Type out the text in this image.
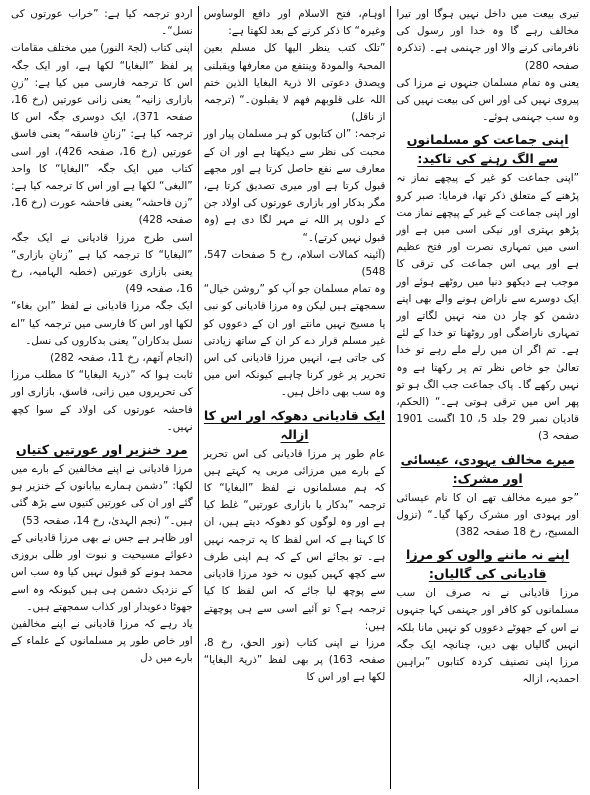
تیری بیعت میں داخل نہیں ہوگا اور تیرا مخالف رہے گا وہ خدا اور رسول کی نافرمانی کرنے والا اور جہنمی ہے۔ (تذکرہ صفحہ 280)

یعنی وہ تمام مسلمان جنہوں نے مرزا کی پیروی نہیں کی اور اس کی بیعت نہیں کی وہ سب جہنمی ہوئے۔

اپنی جماعت کو مسلمانوں سے الگ رہنے کی تاکید:

”اپنی جماعت کو غیر کے پیچھے نماز نہ پڑھنے کے متعلق ذکر تھا، فرمایا: صبر کرو اور اپنی جماعت کے غیر کے پیچھے نماز مت پڑھو بہتری اور نیکی اسی میں ہے اور اسی میں تمہاری نصرت اور فتح عظیم ہے اور یہی اس جماعت کی ترقی کا موجب ہے دیکھو دنیا میں روٹھے ہوئے اور ایک دوسرے سے ناراض ہونے والے بھی اپنے دشمن کو چار دن منہ نہیں لگاتے اور تمہاری ناراضگی اور روٹھنا تو خدا کے لئے ہے۔ تم اگر ان میں رلے ملے رہے تو خدا تعالیٰ جو خاص نظر تم پر رکھتا ہے وہ نہیں رکھے گا۔ پاک جماعت جب الگ ہو تو پھر اس میں ترقی ہوتی ہے۔“ (الحکم، قادیان نمبر 29 جلد 5، 10 اگست 1901 صفحہ 3)

میرے مخالف یہودی، عیسائی اور مشرک:

”جو میرے مخالف تھے ان کا نام عیسائی اور یہودی اور مشرک رکھا گیا۔“ (نزول المسیح، رخ 18 صفحہ 382)

اپنے نہ ماننے والوں کو مرزا قادیانی کی گالیاں:

مرزا قادیانی نے نہ صرف ان سب مسلمانوں کو کافر اور جہنمی کہا جنہوں نے اس کے جھوٹے دعووں کو نہیں مانا بلکہ انہیں گالیاں بھی دیں، چنانچہ ایک جگہ مرزا اپنی تصنیف کردہ کتابوں ”براہین احمدیہ، ازالہ

اوہام، فتح الاسلام اور دافع الوساوس وغیرہ“ کا ذکر کرنے کے بعد لکھتا ہے:

”تلک کتب ینظر الیھا کل مسلم بعین المحبۃ والمودۃ وینتفع من معارفھا ویقبلنی ویصدق دعوتی الا ذریۃ البغایا الذین ختم اللہ علی قلوبھم فھم لا یقبلون۔“ (ترجمہ از ناقل)

ترجمہ: ”ان کتابوں کو ہر مسلمان پیار اور محبت کی نظر سے دیکھتا ہے اور ان کے معارف سے نفع حاصل کرتا ہے اور مجھے قبول کرتا ہے اور میری تصدیق کرتا ہے، مگر بدکار اور بازاری عورتوں کی اولاد جن کے دلوں پر اللہ نے مہر لگا دی ہے (وہ قبول نہیں کرتے)۔“

(آئینہ کمالات اسلام، رخ 5 صفحات 547، 548)

وہ تمام مسلمان جو آپ کو ”روشن خیال“ سمجھتے ہیں لیکن وہ مرزا قادیانی کو نبی یا مسیح نہیں مانتے اور ان کے دعووں کو غیر مسلم قرار دے کر ان کے ساتھ زیادتی کی جاتی ہے، انہیں مرزا قادیانی کی اس تحریر پر غور کرنا چاہیے کیونکہ اس میں وہ سب بھی داخل ہیں۔

ایک قادیانی دھوکہ اور اس کا ازالہ

عام طور پر مرزا قادیانی کی اس تحریر کے بارے میں مرزائی مربی یہ کہتے ہیں کہ ہم مسلمانوں نے لفظ ”البغایا“ کا ترجمہ ”بدکار یا بازاری عورتیں“ غلط کیا ہے اور وہ لوگوں کو دھوکہ دیتے ہیں، ان کا کہنا ہے کہ اس لفظ کا یہ ترجمہ نہیں ہے۔ تو بجائے اس کے کہ ہم اپنی طرف سے کچھ کہیں کیوں نہ خود مرزا قادیانی سے پوچھ لیا جائے کہ اس لفظ کا کیا ترجمہ ہے؟ تو آئیے اسی سے ہی پوچھتے ہیں:

مرزا نے اپنی کتاب (نور الحق، رخ 8، صفحہ 163) پر بھی لفظ ”ذریۃ البغایا“ لکھا ہے اور اس کا

اردو ترجمہ کیا ہے: ”خراب عورتوں کی نسل“۔

اپنی کتاب (لجۃ النور) میں مختلف مقامات پر لفظ ”البغایا“ لکھا ہے، اور ایک جگہ اس کا ترجمہ فارسی میں کیا ہے: ”زنِ بازاری زانیہ“ یعنی زانی عورتیں (رخ 16، صفحہ 371)، ایک دوسری جگہ اس کا ترجمہ کیا ہے: ”زنانِ فاسقہ“ یعنی فاسق عورتیں (رخ 16، صفحہ 426)، اور اسی کتاب میں ایک جگہ ”البغایا“ کا واحد ”البغی“ لکھا ہے اور اس کا ترجمہ کیا ہے: ”زن فاحشہ“ یعنی فاحشہ عورت (رخ 16، صفحہ 428)

اسی طرح مرزا قادیانی نے ایک جگہ ”البغایا“ کا ترجمہ کیا ہے ”زنانِ بازاری“ یعنی بازاری عورتیں (خطبہ الہامیہ، رخ 16، صفحہ 49)

ایک جگہ مرزا قادیانی نے لفظ ”ابن بغاء“ لکھا اور اس کا فارسی میں ترجمہ کیا ”اے نسل بدکاران“ یعنی بدکاروں کی نسل۔

(انجام آتھم، رخ 11، صفحہ 282)

ثابت ہوا کہ ”ذریۃ البغایا“ کا مطلب مرزا کی تحریروں میں زانی، فاسق، بازاری اور فاحشہ عورتوں کی اولاد کے سوا کچھ نہیں۔

مرد خنزیر اور عورتیں کتیاں

مرزا قادیانی نے اپنے مخالفین کے بارے میں لکھا: ”دشمن ہمارے بیابانوں کے خنزیر ہو گئے اور ان کی عورتیں کتیوں سے بڑھ گئی ہیں۔“ (نجم الہدیٰ، رخ 14، صفحہ 53)

اور ظاہر ہے جس نے بھی مرزا قادیانی کے دعوائے مسیحیت و نبوت اور ظلی بروزی محمد ہونے کو قبول نہیں کیا وہ سب اس کے نزدیک دشمن ہی ہیں کیونکہ وہ اسے جھوٹا دعویدار اور کذاب سمجھتے ہیں۔

یاد رہے کہ مرزا قادیانی نے اپنے مخالفین اور خاص طور پر مسلمانوں کے علماء کے بارے میں دل
